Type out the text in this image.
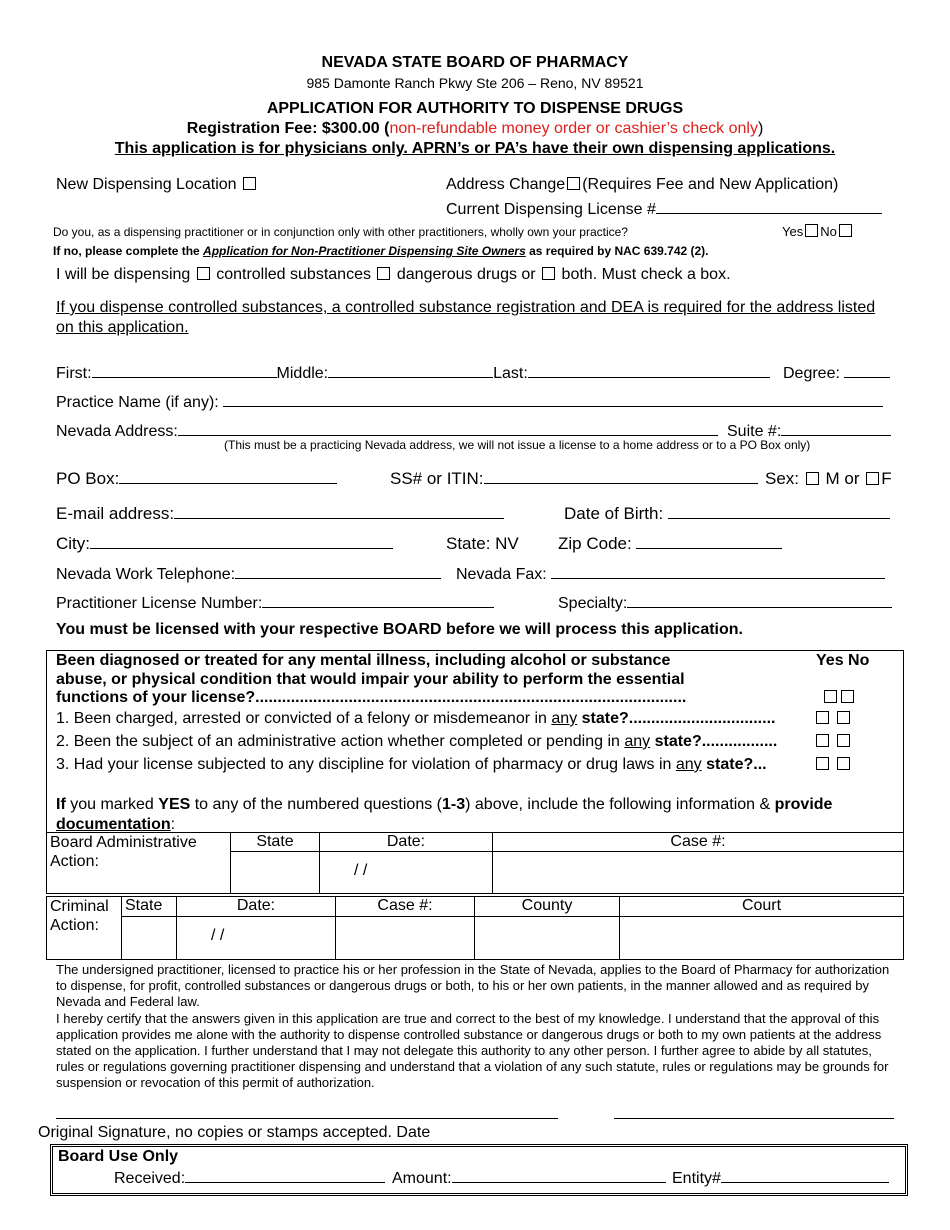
NEVADA STATE BOARD OF PHARMACY
985 Damonte Ranch Pkwy Ste 206 – Reno, NV 89521
APPLICATION FOR AUTHORITY TO DISPENSE DRUGS
Registration Fee: $300.00 (non-refundable money order or cashier’s check only)
This application is for physicians only. APRN’s or PA’s have their own dispensing applications.
New Dispensing Location	Address Change (Requires Fee and New Application)
Current Dispensing License #
Do you, as a dispensing practitioner or in conjunction only with other practitioners, wholly own your practice?	Yes No
If no, please complete the Application for Non-Practitioner Dispensing Site Owners as required by NAC 639.742 (2).
I will be dispensing controlled substances dangerous drugs or both. Must check a box.
If you dispense controlled substances, a controlled substance registration and DEA is required for the address listed on this application.
First:	Middle:	Last:	Degree:
Practice Name (if any):
Nevada Address:	Suite #:
(This must be a practicing Nevada address, we will not issue a license to a home address or to a PO Box only)
PO Box:	SS# or ITIN:	Sex: M or F
E-mail address:	Date of Birth:
City:	State: NV Zip Code:
Nevada Work Telephone:	Nevada Fax:
Practitioner License Number:	Specialty:
You must be licensed with your respective BOARD before we will process this application.
Been diagnosed or treated for any mental illness, including alcohol or substance	Yes No
abuse, or physical condition that would impair your ability to perform the essential
functions of your license?.................................................................................................
1. Been charged, arrested or convicted of a felony or misdemeanor in any state?.................................

2. Been the subject of an administrative action whether completed or pending in any state?.................

3. Had your license subjected to any discipline for violation of pharmacy or drug laws in any state?...

If you marked YES to any of the numbered questions (1-3) above, include the following information & provide
documentation:
Board Administrative Action:	State	Date:	Case #:
		/ /	
Criminal Action:	State	Date:	Case #:	County	Court
		/ /			
The undersigned practitioner, licensed to practice his or her profession in the State of Nevada, applies to the Board of Pharmacy for authorization to dispense, for profit, controlled substances or dangerous drugs or both, to his or her own patients, in the manner allowed and as required by Nevada and Federal law.
I hereby certify that the answers given in this application are true and correct to the best of my knowledge. I understand that the approval of this application provides me alone with the authority to dispense controlled substance or dangerous drugs or both to my own patients at the address stated on the application. I further understand that I may not delegate this authority to any other person. I further agree to abide by all statutes, rules or regulations governing practitioner dispensing and understand that a violation of any such statute, rules or regulations may be grounds for suspension or revocation of this permit of authorization.
Original Signature, no copies or stamps accepted. Date
Board Use Only
Received:	Amount:	Entity#
